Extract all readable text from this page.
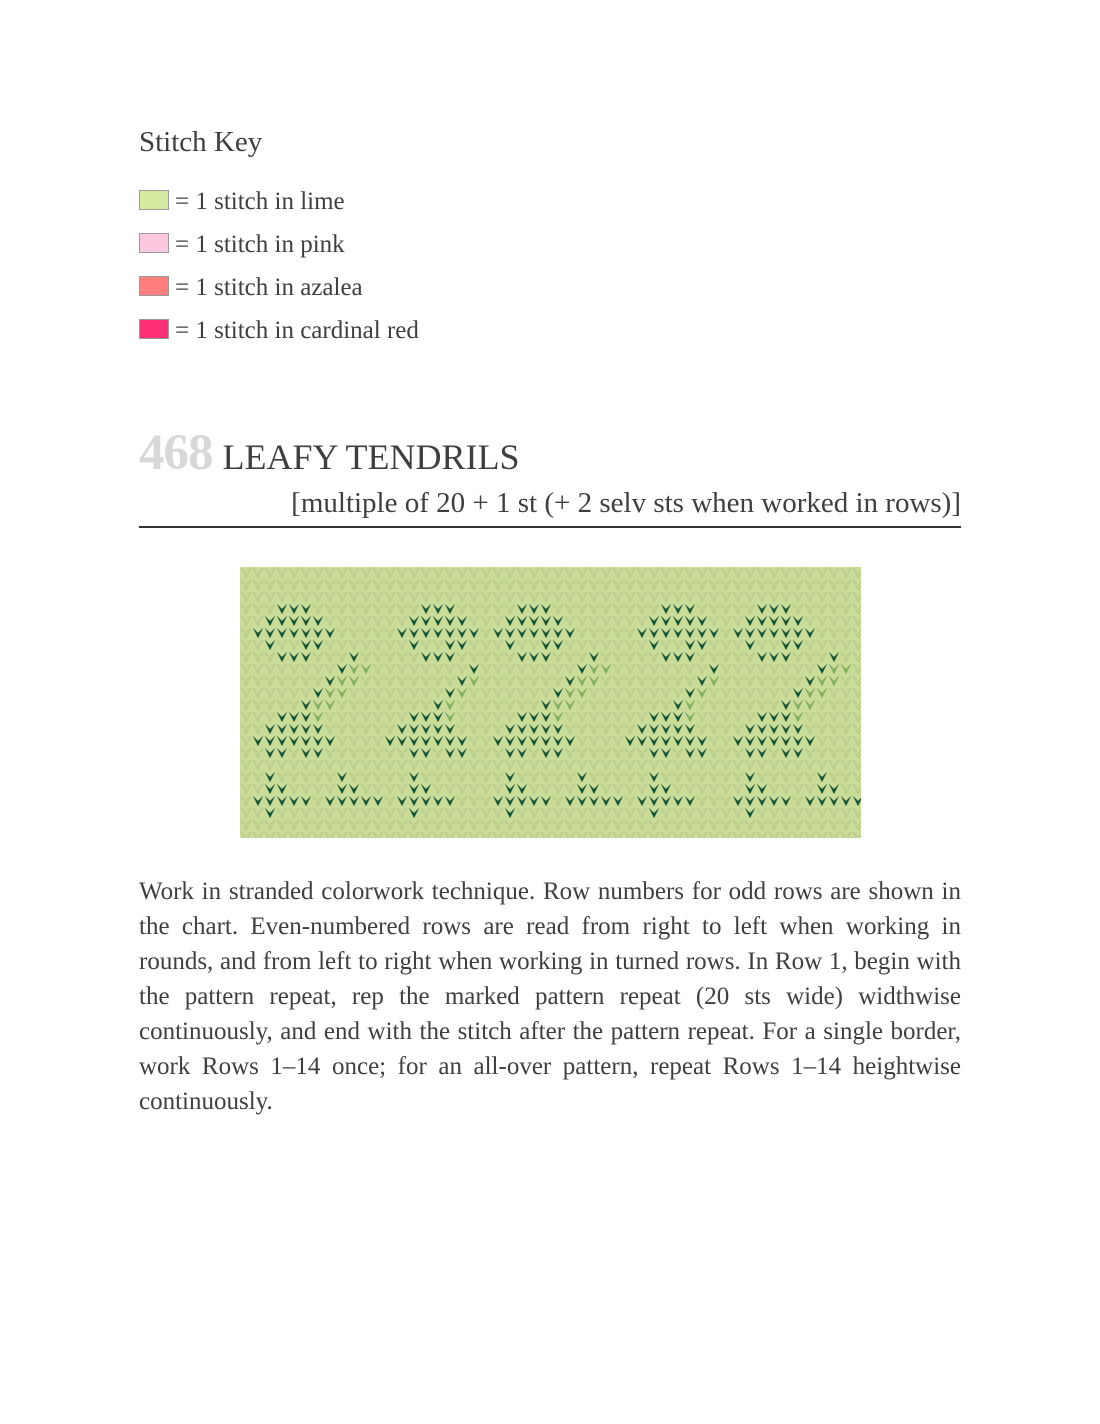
Stitch Key
= 1 stitch in lime
= 1 stitch in pink
= 1 stitch in azalea
= 1 stitch in cardinal red
468 LEAFY TENDRILS
[multiple of 20 + 1 st (+ 2 selv sts when worked in rows)]

Work in stranded colorwork technique. Row numbers for odd rows are shown in the chart. Even-numbered rows are read from right to left when working in rounds, and from left to right when working in turned rows. In Row 1, begin with the pattern repeat, rep the marked pattern repeat (20 sts wide) widthwise continuously, and end with the stitch after the pattern repeat. For a single border, work Rows 1–14 once; for an all-over pattern, repeat Rows 1–14 heightwise continuously.
